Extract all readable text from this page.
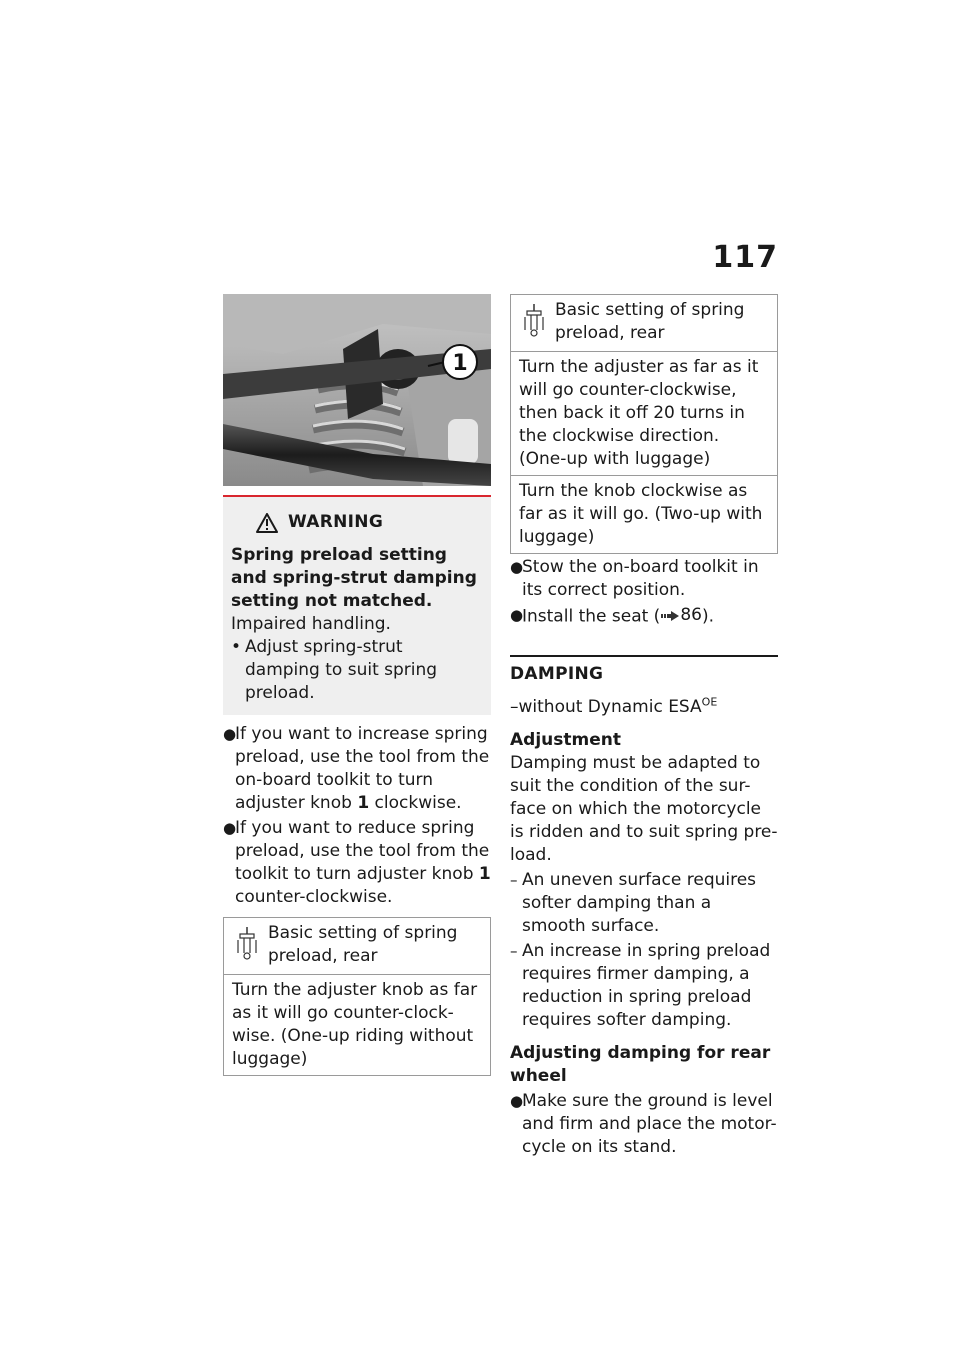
117
1
WARNING
Spring preload setting and spring-strut damping setting not matched.
Impaired handling.
• Adjust spring-strut damping to suit spring preload.
●
If you want to increase spring preload, use the tool from the on-board toolkit to turn adjuster knob 1 clockwise.
●
If you want to reduce spring preload, use the tool from the toolkit to turn adjuster knob 1 counter-clockwise.
Basic setting of spring preload, rear
Turn the adjuster knob as far as it will go counter-clock-wise. (One-up riding without luggage)
Basic setting of spring preload, rear
Turn the adjuster as far as it will go counter-clockwise, then back it off 20 turns in the clockwise direction. (One-up with luggage)
Turn the knob clockwise as far as it will go. (Two-up with luggage)
●
Stow the on-board toolkit in its correct position.
●
Install the seat ( 86 ).
DAMPING
–without Dynamic $ESA^{OE}$
Adjustment
Damping must be adapted to suit the condition of the sur-face on which the motorcycle is ridden and to suit spring pre-load.
– An uneven surface requires softer damping than a smooth surface.
– An increase in spring preload requires firmer damping, a reduction in spring preload requires softer damping.
Adjusting damping for rear wheel
●
Make sure the ground is level and firm and place the motor-cycle on its stand.
